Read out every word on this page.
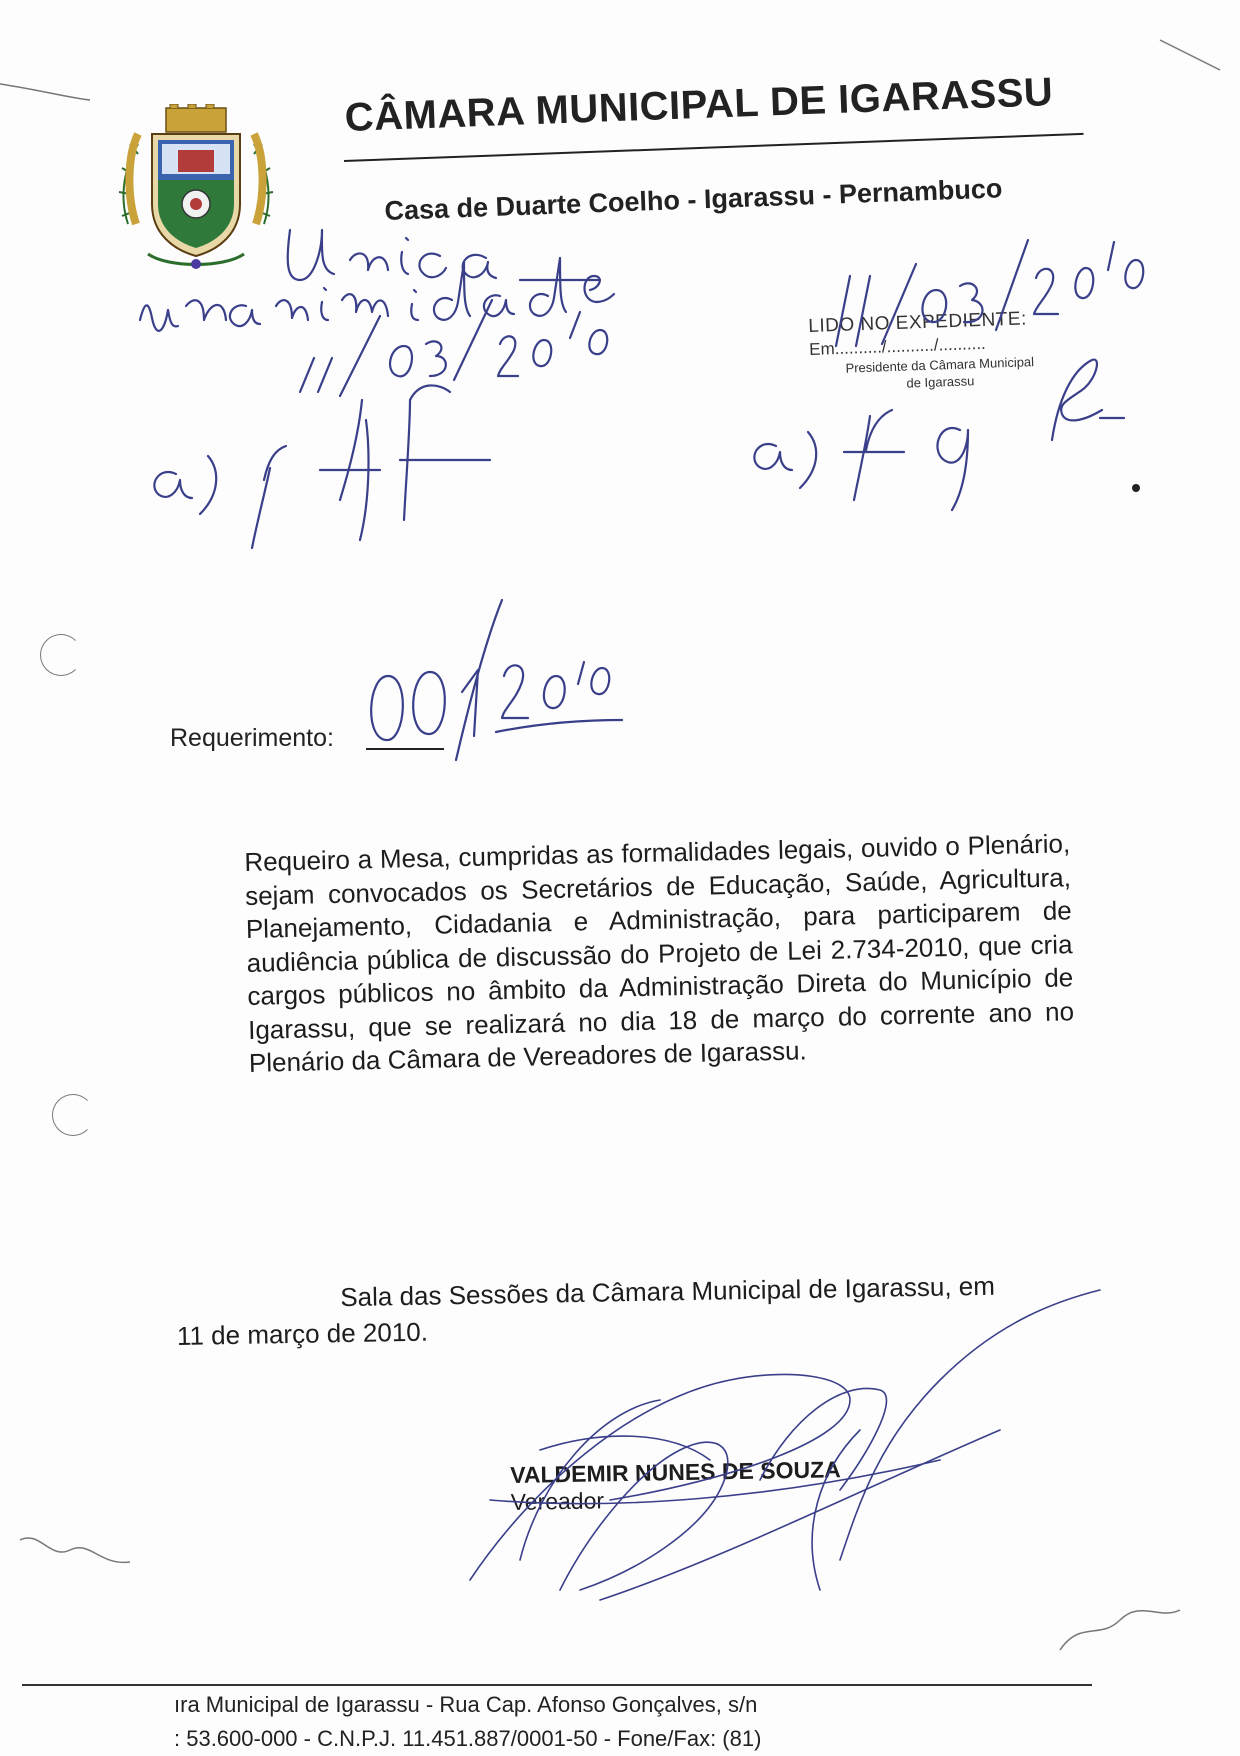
CÂMARA MUNICIPAL DE IGARASSU
Casa de Duarte Coelho - Igarassu - Pernambuco
LIDO NO EXPEDIENTE:
Em........../........../..........
Presidente da Câmara Municipal
de Igarassu
Requerimento:
Requeiro a Mesa, cumpridas as formalidades legais, ouvido o Plenário, sejam convocados os Secretários de Educação, Saúde, Agricultura, Planejamento, Cidadania e Administração, para participarem de audiência pública de discussão do Projeto de Lei 2.734-2010, que cria cargos públicos no âmbito da Administração Direta do Município de Igarassu, que se realizará no dia 18 de março do corrente ano no Plenário da Câmara de Vereadores de Igarassu.
Sala das Sessões da Câmara Municipal de Igarassu, em
11 de março de 2010.
VALDEMIR NUNES DE SOUZA
Vereador
ıra Municipal de Igarassu - Rua Cap. Afonso Gonçalves, s/n
: 53.600-000 - C.N.P.J. 11.451.887/0001-50 - Fone/Fax: (81)
